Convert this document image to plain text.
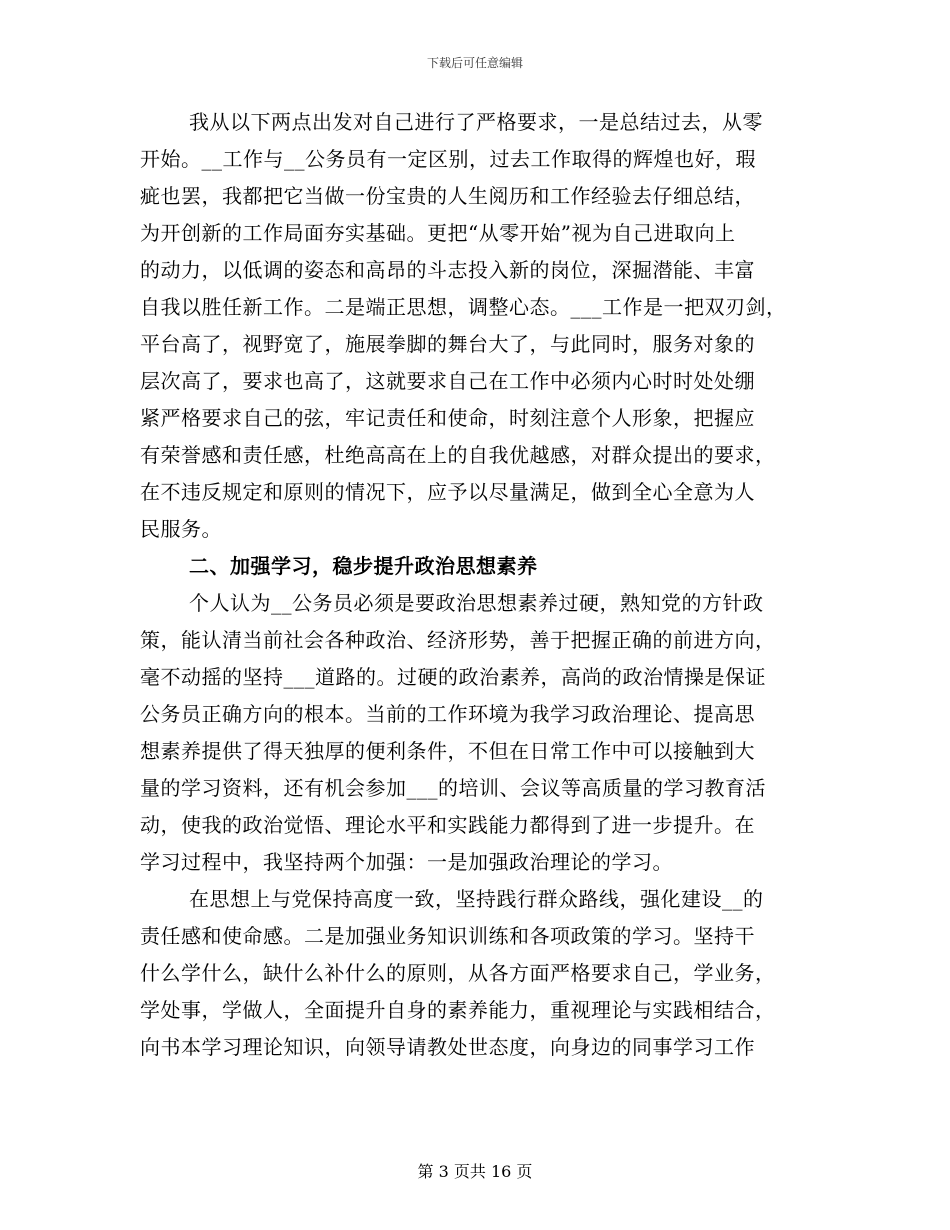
下载后可任意编辑
我从以下两点出发对自己进行了严格要求，一是总结过去，从零
开始。__工作与__公务员有一定区别，过去工作取得的辉煌也好，瑕
疵也罢，我都把它当做一份宝贵的人生阅历和工作经验去仔细总结，
为开创新的工作局面夯实基础。更把“从零开始”视为自己进取向上
的动力，以低调的姿态和高昂的斗志投入新的岗位，深掘潜能、丰富
自我以胜任新工作。二是端正思想，调整心态。___工作是一把双刃剑，
平台高了，视野宽了，施展拳脚的舞台大了，与此同时，服务对象的
层次高了，要求也高了，这就要求自己在工作中必须内心时时处处绷
紧严格要求自己的弦，牢记责任和使命，时刻注意个人形象，把握应
有荣誉感和责任感，杜绝高高在上的自我优越感，对群众提出的要求，
在不违反规定和原则的情况下，应予以尽量满足，做到全心全意为人
民服务。
二、加强学习，稳步提升政治思想素养
个人认为__公务员必须是要政治思想素养过硬，熟知党的方针政
策，能认清当前社会各种政治、经济形势，善于把握正确的前进方向，
毫不动摇的坚持___道路的。过硬的政治素养，高尚的政治情操是保证
公务员正确方向的根本。当前的工作环境为我学习政治理论、提高思
想素养提供了得天独厚的便利条件，不但在日常工作中可以接触到大
量的学习资料，还有机会参加___的培训、会议等高质量的学习教育活
动，使我的政治觉悟、理论水平和实践能力都得到了进一步提升。在
学习过程中，我坚持两个加强：一是加强政治理论的学习。
在思想上与党保持高度一致，坚持践行群众路线，强化建设__的
责任感和使命感。二是加强业务知识训练和各项政策的学习。坚持干
什么学什么，缺什么补什么的原则，从各方面严格要求自己，学业务，
学处事，学做人，全面提升自身的素养能力，重视理论与实践相结合，
向书本学习理论知识，向领导请教处世态度，向身边的同事学习工作
第 3 页共 16 页
